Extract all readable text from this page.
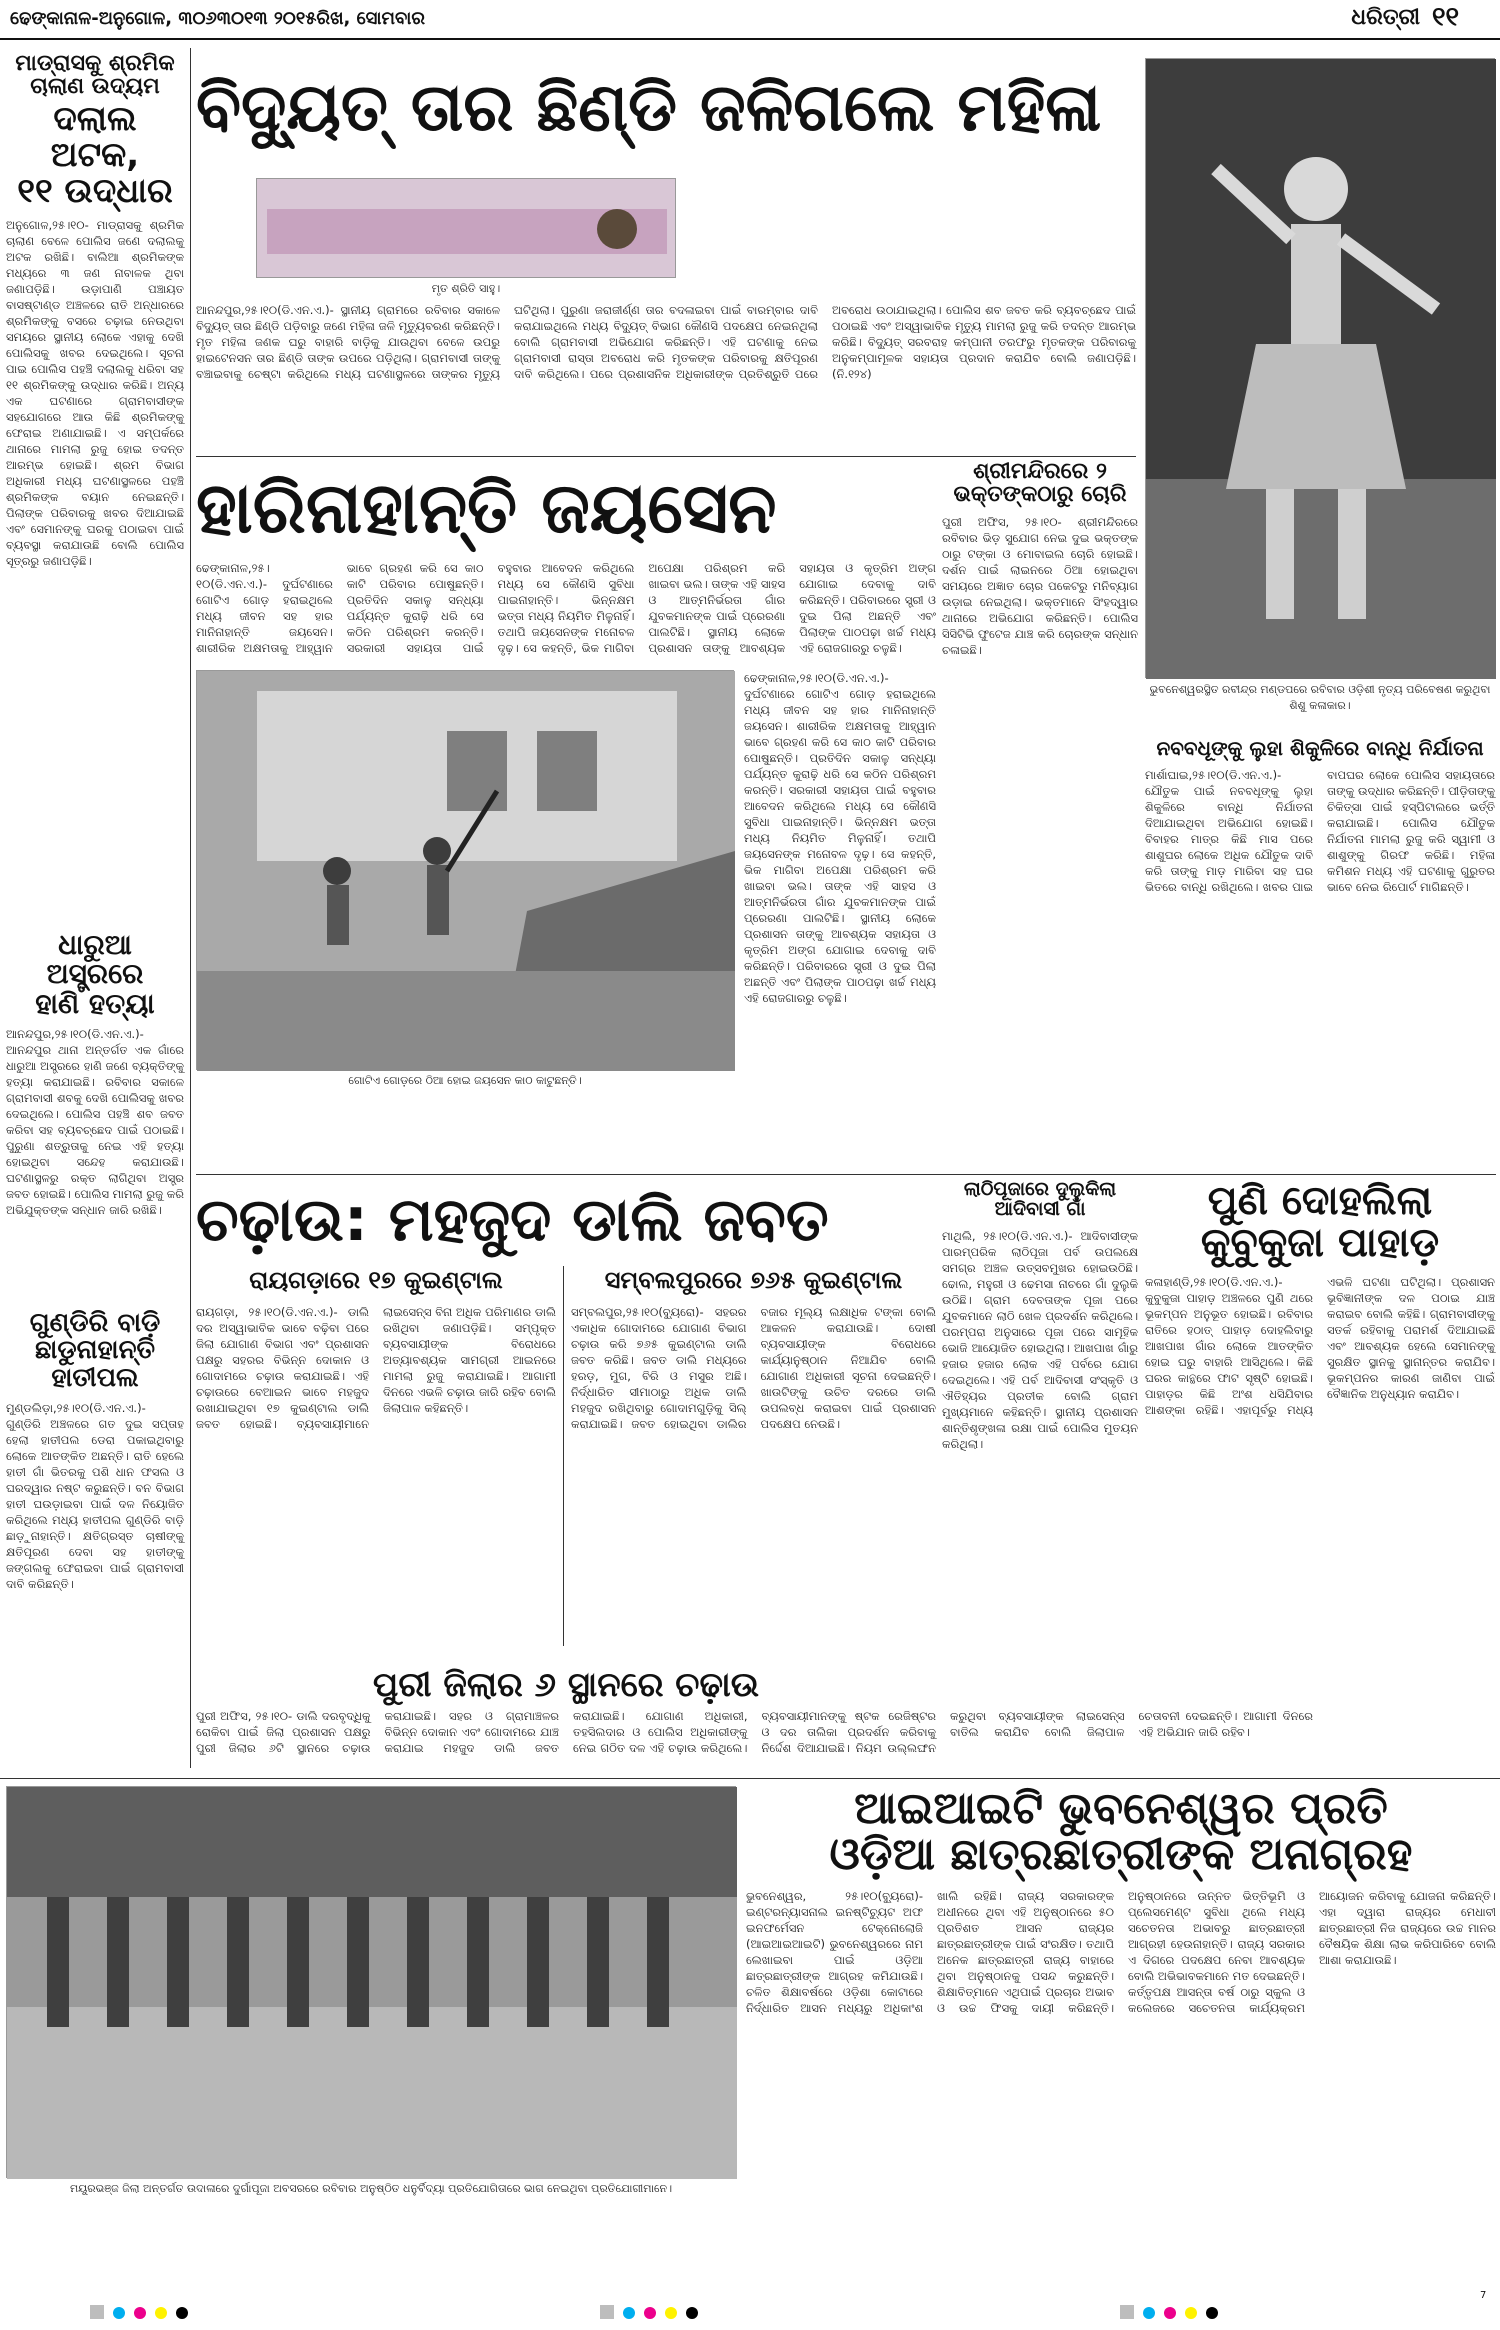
ଢେଙ୍କାନାଳ-ଅନୁଗୋଳ, ୩୦୬୩୦୧୩ ୨୦୧୫ରିଖ, ସୋମବାର	ଧରିତ୍ରୀ ୧୧
ମାଡ୍ରାସକୁ ଶ୍ରମିକ ଚାଲାଣ ଉଦ୍ୟମ
ଦଲାଲ ଅଟକ,
୧୧ ଉଦ୍ଧାର
ଅନୁଗୋଳ,୨୫।୧୦- ମାଡ୍ରାସକୁ ଶ୍ରମିକ ଚାଲାଣ ବେଳେ ପୋଲିସ ଜଣେ ଦଲାଲକୁ ଅଟକ ରଖିଛି। ବାଲିଆ ଶ୍ରମିକଙ୍କ ମଧ୍ୟରେ ୩ ଜଣ ନାବାଳକ ଥିବା ଜଣାପଡ଼ିଛି। ଉଡ଼ାପାଣି ପଞ୍ଚାୟତ ବାସଷ୍ଟାଣ୍ଡ ଅଞ୍ଚଳରେ ରାତି ଅନ୍ଧାରରେ ଶ୍ରମିକଙ୍କୁ ବସରେ ଚଢ଼ାଇ ନେଉଥିବା ସମୟରେ ସ୍ଥାନୀୟ ଲୋକେ ଏହାକୁ ଦେଖି ପୋଲିସକୁ ଖବର ଦେଇଥିଲେ। ସୂଚନା ପାଇ ପୋଲିସ ପହଞ୍ଚି ଦଲାଲକୁ ଧରିବା ସହ ୧୧ ଶ୍ରମିକଙ୍କୁ ଉଦ୍ଧାର କରିଛି। ଅନ୍ୟ ଏକ ଘଟଣାରେ ଗ୍ରାମବାସୀଙ୍କ ସହଯୋଗରେ ଆଉ କିଛି ଶ୍ରମିକଙ୍କୁ ଫେରାଇ ଅଣାଯାଇଛି। ଏ ସମ୍ପର୍କରେ ଥାନାରେ ମାମଲା ରୁଜୁ ହୋଇ ତଦନ୍ତ ଆରମ୍ଭ ହୋଇଛି। ଶ୍ରମ ବିଭାଗ ଅଧିକାରୀ ମଧ୍ୟ ଘଟଣାସ୍ଥଳରେ ପହଞ୍ଚି ଶ୍ରମିକଙ୍କ ବୟାନ ନେଇଛନ୍ତି। ପିଲାଙ୍କ ପରିବାରକୁ ଖବର ଦିଆଯାଇଛି ଏବଂ ସେମାନଙ୍କୁ ଘରକୁ ପଠାଇବା ପାଇଁ ବ୍ୟବସ୍ଥା କରାଯାଉଛି ବୋଲି ପୋଲିସ ସୂତ୍ରରୁ ଜଣାପଡ଼ିଛି।
ଧାରୁଆ ଅସ୍ତ୍ରରେ
ହାଣି ହତ୍ୟା
ଆନନ୍ଦପୁର,୨୫।୧୦(ଡି.ଏନ.ଏ.)- ଆନନ୍ଦପୁର ଥାନା ଅନ୍ତର୍ଗତ ଏକ ଗାଁରେ ଧାରୁଆ ଅସ୍ତ୍ରରେ ହାଣି ଜଣେ ବ୍ୟକ୍ତିଙ୍କୁ ହତ୍ୟା କରାଯାଇଛି। ରବିବାର ସକାଳେ ଗ୍ରାମବାସୀ ଶବକୁ ଦେଖି ପୋଲିସକୁ ଖବର ଦେଇଥିଲେ। ପୋଲିସ ପହଞ୍ଚି ଶବ ଜବତ କରିବା ସହ ବ୍ୟବଚ୍ଛେଦ ପାଇଁ ପଠାଇଛି। ପୁରୁଣା ଶତ୍ରୁତାକୁ ନେଇ ଏହି ହତ୍ୟା ହୋଇଥିବା ସନ୍ଦେହ କରାଯାଉଛି। ଘଟଣାସ୍ଥଳରୁ ରକ୍ତ ଲାଗିଥିବା ଅସ୍ତ୍ର ଜବତ ହୋଇଛି। ପୋଲିସ ମାମଲା ରୁଜୁ କରି ଅଭିଯୁକ୍ତଙ୍କ ସନ୍ଧାନ ଜାରି ରଖିଛି।
ଗୁଣ୍ଡିରି ବାଡ଼ି
ଛାଡୁନାହାନ୍ତି
ହାତୀପଲ
ମୁଣ୍ଡଲିଡ଼ା,୨୫।୧୦(ଡି.ଏନ.ଏ.)- ଗୁଣ୍ଡିରି ଅଞ୍ଚଳରେ ଗତ ଦୁଇ ସପ୍ତାହ ହେଲା ହାତୀପଲ ଡେରା ପକାଇଥିବାରୁ ଲୋକେ ଆତଙ୍କିତ ଅଛନ୍ତି। ରାତି ହେଲେ ହାତୀ ଗାଁ ଭିତରକୁ ପଶି ଧାନ ଫସଲ ଓ ଘରଦ୍ୱାର ନଷ୍ଟ କରୁଛନ୍ତି। ବନ ବିଭାଗ ହାତୀ ଘଉଡ଼ାଇବା ପାଇଁ ଦଳ ନିୟୋଜିତ କରିଥିଲେ ମଧ୍ୟ ହାତୀପଲ ଗୁଣ୍ଡିରି ବାଡ଼ି ଛାଡ଼ୁନାହାନ୍ତି। କ୍ଷତିଗ୍ରସ୍ତ ଚାଷୀଙ୍କୁ କ୍ଷତିପୂରଣ ଦେବା ସହ ହାତୀଙ୍କୁ ଜଙ୍ଗଲକୁ ଫେରାଇବା ପାଇଁ ଗ୍ରାମବାସୀ ଦାବି କରିଛନ୍ତି।
ବିଦ୍ୟୁତ୍ ତାର ଛିଣ୍ଡି ଜଳିଗଲେ ମହିଳା
ମୃତ ଶ୍ରିତି ସାହୁ।
ଆନନ୍ଦପୁର,୨୫।୧୦(ଡି.ଏନ.ଏ.)- ସ୍ଥାନୀୟ ଗ୍ରାମରେ ରବିବାର ସକାଳେ ବିଦ୍ୟୁତ୍ ତାର ଛିଣ୍ଡି ପଡ଼ିବାରୁ ଜଣେ ମହିଳା ଜଳି ମୃତ୍ୟୁବରଣ କରିଛନ୍ତି। ମୃତ ମହିଳା ଜଣକ ଘରୁ ବାହାରି ବାଡ଼ିକୁ ଯାଉଥିବା ବେଳେ ଉପରୁ ହାଇଟେନସନ ତାର ଛିଣ୍ଡି ତାଙ୍କ ଉପରେ ପଡ଼ିଥିଲା। ଗ୍ରାମବାସୀ ତାଙ୍କୁ ବଞ୍ଚାଇବାକୁ ଚେଷ୍ଟା କରିଥିଲେ ମଧ୍ୟ ଘଟଣାସ୍ଥଳରେ ତାଙ୍କର ମୃତ୍ୟୁ ଘଟିଥିଲା। ପୁରୁଣା ଜରାଜୀର୍ଣ୍ଣ ତାର ବଦଳାଇବା ପାଇଁ ବାରମ୍ବାର ଦାବି କରାଯାଇଥିଲେ ମଧ୍ୟ ବିଦ୍ୟୁତ୍ ବିଭାଗ କୌଣସି ପଦକ୍ଷେପ ନେଇନଥିଲା ବୋଲି ଗ୍ରାମବାସୀ ଅଭିଯୋଗ କରିଛନ୍ତି। ଏହି ଘଟଣାକୁ ନେଇ ଗ୍ରାମବାସୀ ରାସ୍ତା ଅବରୋଧ କରି ମୃତକଙ୍କ ପରିବାରକୁ କ୍ଷତିପୂରଣ ଦାବି କରିଥିଲେ। ପରେ ପ୍ରଶାସନିକ ଅଧିକାରୀଙ୍କ ପ୍ରତିଶ୍ରୁତି ପରେ ଅବରୋଧ ଉଠାଯାଇଥିଲା। ପୋଲିସ ଶବ ଜବତ କରି ବ୍ୟବଚ୍ଛେଦ ପାଇଁ ପଠାଇଛି ଏବଂ ଅସ୍ୱାଭାବିକ ମୃତ୍ୟୁ ମାମଲା ରୁଜୁ କରି ତଦନ୍ତ ଆରମ୍ଭ କରିଛି। ବିଦ୍ୟୁତ୍ ସରବରାହ କମ୍ପାନୀ ତରଫରୁ ମୃତକଙ୍କ ପରିବାରକୁ ଅନୁକମ୍ପାମୂଳକ ସହାୟତା ପ୍ରଦାନ କରାଯିବ ବୋଲି ଜଣାପଡ଼ିଛି।(ନି.୧୨୪)
ଭୁବନେଶ୍ୱରସ୍ଥିତ ରବୀନ୍ଦ୍ର ମଣ୍ଡପରେ ରବିବାର ଓଡ଼ିଶୀ ନୃତ୍ୟ ପରିବେଷଣ କରୁଥିବା ଶିଶୁ କଳାକାର।
ହାରିନାହାନ୍ତି ଜୟସେନ
ଢେଙ୍କାନାଳ,୨୫।୧୦(ଡି.ଏନ.ଏ.)- ଦୁର୍ଘଟଣାରେ ଗୋଟିଏ ଗୋଡ଼ ହରାଇଥିଲେ ମଧ୍ୟ ଜୀବନ ସହ ହାର ମାନିନାହାନ୍ତି ଜୟସେନ। ଶାରୀରିକ ଅକ୍ଷମତାକୁ ଆହ୍ୱାନ ଭାବେ ଗ୍ରହଣ କରି ସେ କାଠ କାଟି ପରିବାର ପୋଷୁଛନ୍ତି। ପ୍ରତିଦିନ ସକାଳୁ ସନ୍ଧ୍ୟା ପର୍ଯ୍ୟନ୍ତ କୁରାଢ଼ି ଧରି ସେ କଠିନ ପରିଶ୍ରମ କରନ୍ତି। ସରକାରୀ ସହାୟତା ପାଇଁ ବହୁବାର ଆବେଦନ କରିଥିଲେ ମଧ୍ୟ ସେ କୌଣସି ସୁବିଧା ପାଇନାହାନ୍ତି। ଭିନ୍ନକ୍ଷମ ଭତ୍ତା ମଧ୍ୟ ନିୟମିତ ମିଳୁନାହିଁ। ତଥାପି ଜୟସେନଙ୍କ ମନୋବଳ ଦୃଢ଼। ସେ କହନ୍ତି, ଭିକ ମାଗିବା ଅପେକ୍ଷା ପରିଶ୍ରମ କରି ଖାଇବା ଭଲ। ତାଙ୍କ ଏହି ସାହସ ଓ ଆତ୍ମନିର୍ଭରତା ଗାଁର ଯୁବକମାନଙ୍କ ପାଇଁ ପ୍ରେରଣା ପାଲଟିଛି। ସ୍ଥାନୀୟ ଲୋକେ ପ୍ରଶାସନ ତାଙ୍କୁ ଆବଶ୍ୟକ ସହାୟତା ଓ କୃତ୍ରିମ ଅଙ୍ଗ ଯୋଗାଇ ଦେବାକୁ ଦାବି କରିଛନ୍ତି। ପରିବାରରେ ସ୍ତ୍ରୀ ଓ ଦୁଇ ପିଲା ଅଛନ୍ତି ଏବଂ ପିଲାଙ୍କ ପାଠପଢ଼ା ଖର୍ଚ୍ଚ ମଧ୍ୟ ଏହି ରୋଜଗାରରୁ ଚଳୁଛି।
ଗୋଟିଏ ଗୋଡ଼ରେ ଠିଆ ହୋଇ ଜୟସେନ କାଠ କାଟୁଛନ୍ତି।
ଢେଙ୍କାନାଳ,୨୫।୧୦(ଡି.ଏନ.ଏ.)- ଦୁର୍ଘଟଣାରେ ଗୋଟିଏ ଗୋଡ଼ ହରାଇଥିଲେ ମଧ୍ୟ ଜୀବନ ସହ ହାର ମାନିନାହାନ୍ତି ଜୟସେନ। ଶାରୀରିକ ଅକ୍ଷମତାକୁ ଆହ୍ୱାନ ଭାବେ ଗ୍ରହଣ କରି ସେ କାଠ କାଟି ପରିବାର ପୋଷୁଛନ୍ତି। ପ୍ରତିଦିନ ସକାଳୁ ସନ୍ଧ୍ୟା ପର୍ଯ୍ୟନ୍ତ କୁରାଢ଼ି ଧରି ସେ କଠିନ ପରିଶ୍ରମ କରନ୍ତି। ସରକାରୀ ସହାୟତା ପାଇଁ ବହୁବାର ଆବେଦନ କରିଥିଲେ ମଧ୍ୟ ସେ କୌଣସି ସୁବିଧା ପାଇନାହାନ୍ତି। ଭିନ୍ନକ୍ଷମ ଭତ୍ତା ମଧ୍ୟ ନିୟମିତ ମିଳୁନାହିଁ। ତଥାପି ଜୟସେନଙ୍କ ମନୋବଳ ଦୃଢ଼। ସେ କହନ୍ତି, ଭିକ ମାଗିବା ଅପେକ୍ଷା ପରିଶ୍ରମ କରି ଖାଇବା ଭଲ। ତାଙ୍କ ଏହି ସାହସ ଓ ଆତ୍ମନିର୍ଭରତା ଗାଁର ଯୁବକମାନଙ୍କ ପାଇଁ ପ୍ରେରଣା ପାଲଟିଛି। ସ୍ଥାନୀୟ ଲୋକେ ପ୍ରଶାସନ ତାଙ୍କୁ ଆବଶ୍ୟକ ସହାୟତା ଓ କୃତ୍ରିମ ଅଙ୍ଗ ଯୋଗାଇ ଦେବାକୁ ଦାବି କରିଛନ୍ତି। ପରିବାରରେ ସ୍ତ୍ରୀ ଓ ଦୁଇ ପିଲା ଅଛନ୍ତି ଏବଂ ପିଲାଙ୍କ ପାଠପଢ଼ା ଖର୍ଚ୍ଚ ମଧ୍ୟ ଏହି ରୋଜଗାରରୁ ଚଳୁଛି।
ଶ୍ରୀମନ୍ଦିରରେ ୨
ଭକ୍ତଙ୍କଠାରୁ ଚୋରି
ପୁରୀ ଅଫିସ, ୨୫।୧୦- ଶ୍ରୀମନ୍ଦିରରେ ରବିବାର ଭିଡ଼ ସୁଯୋଗ ନେଇ ଦୁଇ ଭକ୍ତଙ୍କ ଠାରୁ ଟଙ୍କା ଓ ମୋବାଇଲ ଚୋରି ହୋଇଛି। ଦର୍ଶନ ପାଇଁ ଲାଇନରେ ଠିଆ ହୋଇଥିବା ସମୟରେ ଅଜ୍ଞାତ ଚୋର ପକେଟରୁ ମନିବ୍ୟାଗ ଉଡ଼ାଇ ନେଇଥିଲା। ଭକ୍ତମାନେ ସିଂହଦ୍ୱାର ଥାନାରେ ଅଭିଯୋଗ କରିଛନ୍ତି। ପୋଲିସ ସିସିଟିଭି ଫୁଟେଜ ଯାଞ୍ଚ କରି ଚୋରଙ୍କ ସନ୍ଧାନ ଚଳାଇଛି।
ନବବଧୂଙ୍କୁ ଲୁହା ଶିକୁଳିରେ ବାନ୍ଧି ନିର୍ଯାତନା
ମାର୍ଶାଘାଇ,୨୫।୧୦(ଡି.ଏନ.ଏ.)- ଯୌତୁକ ପାଇଁ ନବବଧୂଙ୍କୁ ଲୁହା ଶିକୁଳିରେ ବାନ୍ଧି ନିର୍ଯାତନା ଦିଆଯାଇଥିବା ଅଭିଯୋଗ ହୋଇଛି। ବିବାହର ମାତ୍ର କିଛି ମାସ ପରେ ଶାଶୁଘର ଲୋକେ ଅଧିକ ଯୌତୁକ ଦାବି କରି ତାଙ୍କୁ ମାଡ଼ ମାରିବା ସହ ଘର ଭିତରେ ବାନ୍ଧି ରଖିଥିଲେ। ଖବର ପାଇ ବାପଘର ଲୋକେ ପୋଲିସ ସହାୟତାରେ ତାଙ୍କୁ ଉଦ୍ଧାର କରିଛନ୍ତି। ପୀଡ଼ିତାଙ୍କୁ ଚିକିତ୍ସା ପାଇଁ ହସ୍ପିଟାଲରେ ଭର୍ତ୍ତି କରାଯାଇଛି। ପୋଲିସ ଯୌତୁକ ନିର୍ଯାତନା ମାମଲା ରୁଜୁ କରି ସ୍ୱାମୀ ଓ ଶାଶୁଙ୍କୁ ଗିରଫ କରିଛି। ମହିଳା କମିଶନ ମଧ୍ୟ ଏହି ଘଟଣାକୁ ଗୁରୁତର ଭାବେ ନେଇ ରିପୋର୍ଟ ମାଗିଛନ୍ତି।
ଚଢ଼ାଉ: ମହଜୁଦ ଡାଲି ଜବତ
ରାୟଗଡ଼ାରେ ୧୭ କୁଇଣ୍ଟାଲ	ସମ୍ବଲପୁରରେ ୭୬୫ କୁଇଣ୍ଟାଲ
ରାୟଗଡ଼ା, ୨୫।୧୦(ଡି.ଏନ.ଏ.)- ଡାଲି ଦର ଅସ୍ୱାଭାବିକ ଭାବେ ବଢ଼ିବା ପରେ ଜିଲା ଯୋଗାଣ ବିଭାଗ ଏବଂ ପ୍ରଶାସନ ପକ୍ଷରୁ ସହରର ବିଭିନ୍ନ ଦୋକାନ ଓ ଗୋଦାମରେ ଚଢ଼ାଉ କରାଯାଇଛି। ଏହି ଚଢ଼ାଉରେ ବେଆଇନ ଭାବେ ମହଜୁଦ ରଖାଯାଇଥିବା ୧୭ କୁଇଣ୍ଟାଲ ଡାଲି ଜବତ ହୋଇଛି। ବ୍ୟବସାୟୀମାନେ ଲାଇସେନ୍ସ ବିନା ଅଧିକ ପରିମାଣର ଡାଲି ରଖିଥିବା ଜଣାପଡ଼ିଛି। ସମ୍ପୃକ୍ତ ବ୍ୟବସାୟୀଙ୍କ ବିରୋଧରେ ଅତ୍ୟାବଶ୍ୟକ ସାମଗ୍ରୀ ଆଇନରେ ମାମଲା ରୁଜୁ କରାଯାଇଛି। ଆଗାମୀ ଦିନରେ ଏଭଳି ଚଢ଼ାଉ ଜାରି ରହିବ ବୋଲି ଜିଲାପାଳ କହିଛନ୍ତି।
ସମ୍ବଲପୁର,୨୫।୧୦(ବ୍ୟୁରୋ)- ସହରର ଏକାଧିକ ଗୋଦାମରେ ଯୋଗାଣ ବିଭାଗ ଚଢ଼ାଉ କରି ୭୬୫ କୁଇଣ୍ଟାଲ ଡାଲି ଜବତ କରିଛି। ଜବତ ଡାଲି ମଧ୍ୟରେ ହରଡ଼, ମୁଗ, ବିରି ଓ ମସୁର ଅଛି। ନିର୍ଦ୍ଧାରିତ ସୀମାଠାରୁ ଅଧିକ ଡାଲି ମହଜୁଦ ରଖିଥିବାରୁ ଗୋଦାମଗୁଡ଼ିକୁ ସିଲ୍ କରାଯାଇଛି। ଜବତ ହୋଇଥିବା ଡାଲିର ବଜାର ମୂଲ୍ୟ ଲକ୍ଷାଧିକ ଟଙ୍କା ବୋଲି ଆକଳନ କରାଯାଉଛି। ଦୋଷୀ ବ୍ୟବସାୟୀଙ୍କ ବିରୋଧରେ କାର୍ଯ୍ୟାନୁଷ୍ଠାନ ନିଆଯିବ ବୋଲି ଯୋଗାଣ ଅଧିକାରୀ ସୂଚନା ଦେଇଛନ୍ତି। ଖାଉଟିଙ୍କୁ ଉଚିତ ଦରରେ ଡାଲି ଉପଲବ୍ଧ କରାଇବା ପାଇଁ ପ୍ରଶାସନ ପଦକ୍ଷେପ ନେଉଛି।
ଲାଠିପୂଜାରେ ଦୁଲୁକିଲା
ଆଦିବାସୀ ଗାଁ
ମାଥିଲି, ୨୫।୧୦(ଡି.ଏନ.ଏ.)- ଆଦିବାସୀଙ୍କ ପାରମ୍ପରିକ ଲାଠିପୂଜା ପର୍ବ ଉପଲକ୍ଷେ ସମଗ୍ର ଅଞ୍ଚଳ ଉତ୍ସବମୁଖର ହୋଇଉଠିଛି। ଢୋଲ, ମହୁରୀ ଓ ଢେମସା ନାଚରେ ଗାଁ ଦୁଲୁକି ଉଠିଛି। ଗ୍ରାମ ଦେବତାଙ୍କ ପୂଜା ପରେ ଯୁବକମାନେ ଲାଠି ଖେଳ ପ୍ରଦର୍ଶନ କରିଥିଲେ। ପରମ୍ପରା ଅନୁସାରେ ପୂଜା ପରେ ସାମୂହିକ ଭୋଜି ଆୟୋଜିତ ହୋଇଥିଲା। ଆଖପାଖ ଗାଁରୁ ହଜାର ହଜାର ଲୋକ ଏହି ପର୍ବରେ ଯୋଗ ଦେଇଥିଲେ। ଏହି ପର୍ବ ଆଦିବାସୀ ସଂସ୍କୃତି ଓ ଐତିହ୍ୟର ପ୍ରତୀକ ବୋଲି ଗ୍ରାମ ମୁଖ୍ୟମାନେ କହିଛନ୍ତି। ସ୍ଥାନୀୟ ପ୍ରଶାସନ ଶାନ୍ତିଶୃଙ୍ଖଳା ରକ୍ଷା ପାଇଁ ପୋଲିସ ମୁତୟନ କରିଥିଲା।
ପୁଣି ଦୋହଲିଲା
କୁବୁକୁଜା ପାହାଡ଼
କଳାହାଣ୍ଡି,୨୫।୧୦(ଡି.ଏନ.ଏ.)- କୁବୁକୁଜା ପାହାଡ଼ ଅଞ୍ଚଳରେ ପୁଣି ଥରେ ଭୂକମ୍ପନ ଅନୁଭୂତ ହୋଇଛି। ରବିବାର ରାତିରେ ହଠାତ୍ ପାହାଡ଼ ଦୋହଲିବାରୁ ଆଖପାଖ ଗାଁର ଲୋକେ ଆତଙ୍କିତ ହୋଇ ଘରୁ ବାହାରି ଆସିଥିଲେ। କିଛି ଘରର କାନ୍ଥରେ ଫାଟ ସୃଷ୍ଟି ହୋଇଛି। ପାହାଡ଼ର କିଛି ଅଂଶ ଧସିଯିବାର ଆଶଙ୍କା ରହିଛି। ଏହାପୂର୍ବରୁ ମଧ୍ୟ ଏଭଳି ଘଟଣା ଘଟିଥିଲା। ପ୍ରଶାସନ ଭୂବିଜ୍ଞାନୀଙ୍କ ଦଳ ପଠାଇ ଯାଞ୍ଚ କରାଇବ ବୋଲି କହିଛି। ଗ୍ରାମବାସୀଙ୍କୁ ସତର୍କ ରହିବାକୁ ପରାମର୍ଶ ଦିଆଯାଇଛି ଏବଂ ଆବଶ୍ୟକ ହେଲେ ସେମାନଙ୍କୁ ସୁରକ୍ଷିତ ସ୍ଥାନକୁ ସ୍ଥାନାନ୍ତର କରାଯିବ। ଭୂକମ୍ପନର କାରଣ ଜାଣିବା ପାଇଁ ବୈଜ୍ଞାନିକ ଅନୁଧ୍ୟାନ କରାଯିବ।
ପୁରୀ ଜିଲାର ୬ ସ୍ଥାନରେ ଚଢ଼ାଉ
ପୁରୀ ଅଫିସ, ୨୫।୧୦- ଡାଲି ଦରବୃଦ୍ଧିକୁ ରୋକିବା ପାଇଁ ଜିଲା ପ୍ରଶାସନ ପକ୍ଷରୁ ପୁରୀ ଜିଲାର ୬ଟି ସ୍ଥାନରେ ଚଢ଼ାଉ କରାଯାଇଛି। ସହର ଓ ଗ୍ରାମାଞ୍ଚଳର ବିଭିନ୍ନ ଦୋକାନ ଏବଂ ଗୋଦାମରେ ଯାଞ୍ଚ କରାଯାଇ ମହଜୁଦ ଡାଲି ଜବତ କରାଯାଇଛି। ଯୋଗାଣ ଅଧିକାରୀ, ତହସିଲଦାର ଓ ପୋଲିସ ଅଧିକାରୀଙ୍କୁ ନେଇ ଗଠିତ ଦଳ ଏହି ଚଢ଼ାଉ କରିଥିଲେ। ବ୍ୟବସାୟୀମାନଙ୍କୁ ଷ୍ଟକ ରେଜିଷ୍ଟର ଓ ଦର ତାଲିକା ପ୍ରଦର୍ଶନ କରିବାକୁ ନିର୍ଦ୍ଦେଶ ଦିଆଯାଇଛି। ନିୟମ ଉଲ୍ଲଙ୍ଘନ କରୁଥିବା ବ୍ୟବସାୟୀଙ୍କ ଲାଇସେନ୍ସ ବାତିଲ କରାଯିବ ବୋଲି ଜିଲାପାଳ ଚେତାବନୀ ଦେଇଛନ୍ତି। ଆଗାମୀ ଦିନରେ ଏହି ଅଭିଯାନ ଜାରି ରହିବ।
ମୟୂରଭଞ୍ଜ ଜିଲା ଅନ୍ତର୍ଗତ ଉଦାଳାରେ ଦୁର୍ଗାପୂଜା ଅବସରରେ ରବିବାର ଅନୁଷ୍ଠିତ ଧନୁର୍ବିଦ୍ୟା ପ୍ରତିଯୋଗିତାରେ ଭାଗ ନେଇଥିବା ପ୍ରତିଯୋଗୀମାନେ।
ଆଇଆଇଟି ଭୁବନେଶ୍ୱର ପ୍ରତି
ଓଡ଼ିଆ ଛାତ୍ରଛାତ୍ରୀଙ୍କ ଅନାଗ୍ରହ
ଭୁବନେଶ୍ୱର, ୨୫।୧୦(ବ୍ୟୁରୋ)- ଇଣ୍ଟରନ୍ୟାସନାଲ ଇନଷ୍ଟିଚ୍ୟୁଟ ଅଫ ଇନଫର୍ମେସନ ଟେକ୍ନୋଲୋଜି (ଆଇଆଇଆଇଟି) ଭୁବନେଶ୍ୱରରେ ନାମ ଲେଖାଇବା ପାଇଁ ଓଡ଼ିଆ ଛାତ୍ରଛାତ୍ରୀଙ୍କ ଆଗ୍ରହ କମିଯାଉଛି। ଚଳିତ ଶିକ୍ଷାବର୍ଷରେ ଓଡ଼ିଶା କୋଟାରେ ନିର୍ଦ୍ଧାରିତ ଆସନ ମଧ୍ୟରୁ ଅଧିକାଂଶ ଖାଲି ରହିଛି। ରାଜ୍ୟ ସରକାରଙ୍କ ଅଧୀନରେ ଥିବା ଏହି ଅନୁଷ୍ଠାନରେ ୫୦ ପ୍ରତିଶତ ଆସନ ରାଜ୍ୟର ଛାତ୍ରଛାତ୍ରୀଙ୍କ ପାଇଁ ସଂରକ୍ଷିତ। ତଥାପି ଅନେକ ଛାତ୍ରଛାତ୍ରୀ ରାଜ୍ୟ ବାହାରେ ଥିବା ଅନୁଷ୍ଠାନକୁ ପସନ୍ଦ କରୁଛନ୍ତି। ଶିକ୍ଷାବିତ୍‌ମାନେ ଏଥିପାଇଁ ପ୍ରଚାର ଅଭାବ ଓ ଉଚ୍ଚ ଫିସକୁ ଦାୟୀ କରିଛନ୍ତି। ଅନୁଷ୍ଠାନରେ ଉନ୍ନତ ଭିତ୍ତିଭୂମି ଓ ପ୍ଲେସମେଣ୍ଟ ସୁବିଧା ଥିଲେ ମଧ୍ୟ ସଚେତନତା ଅଭାବରୁ ଛାତ୍ରଛାତ୍ରୀ ଆଗ୍ରହୀ ହେଉନାହାନ୍ତି। ରାଜ୍ୟ ସରକାର ଏ ଦିଗରେ ପଦକ୍ଷେପ ନେବା ଆବଶ୍ୟକ ବୋଲି ଅଭିଭାବକମାନେ ମତ ଦେଇଛନ୍ତି। କର୍ତ୍ତୃପକ୍ଷ ଆସନ୍ତା ବର୍ଷ ଠାରୁ ସ୍କୁଲ ଓ କଲେଜରେ ସଚେତନତା କାର୍ଯ୍ୟକ୍ରମ ଆୟୋଜନ କରିବାକୁ ଯୋଜନା କରିଛନ୍ତି। ଏହା ଦ୍ୱାରା ରାଜ୍ୟର ମେଧାବୀ ଛାତ୍ରଛାତ୍ରୀ ନିଜ ରାଜ୍ୟରେ ଉଚ୍ଚ ମାନର ବୈଷୟିକ ଶିକ୍ଷା ଲାଭ କରିପାରିବେ ବୋଲି ଆଶା କରାଯାଉଛି।

7
